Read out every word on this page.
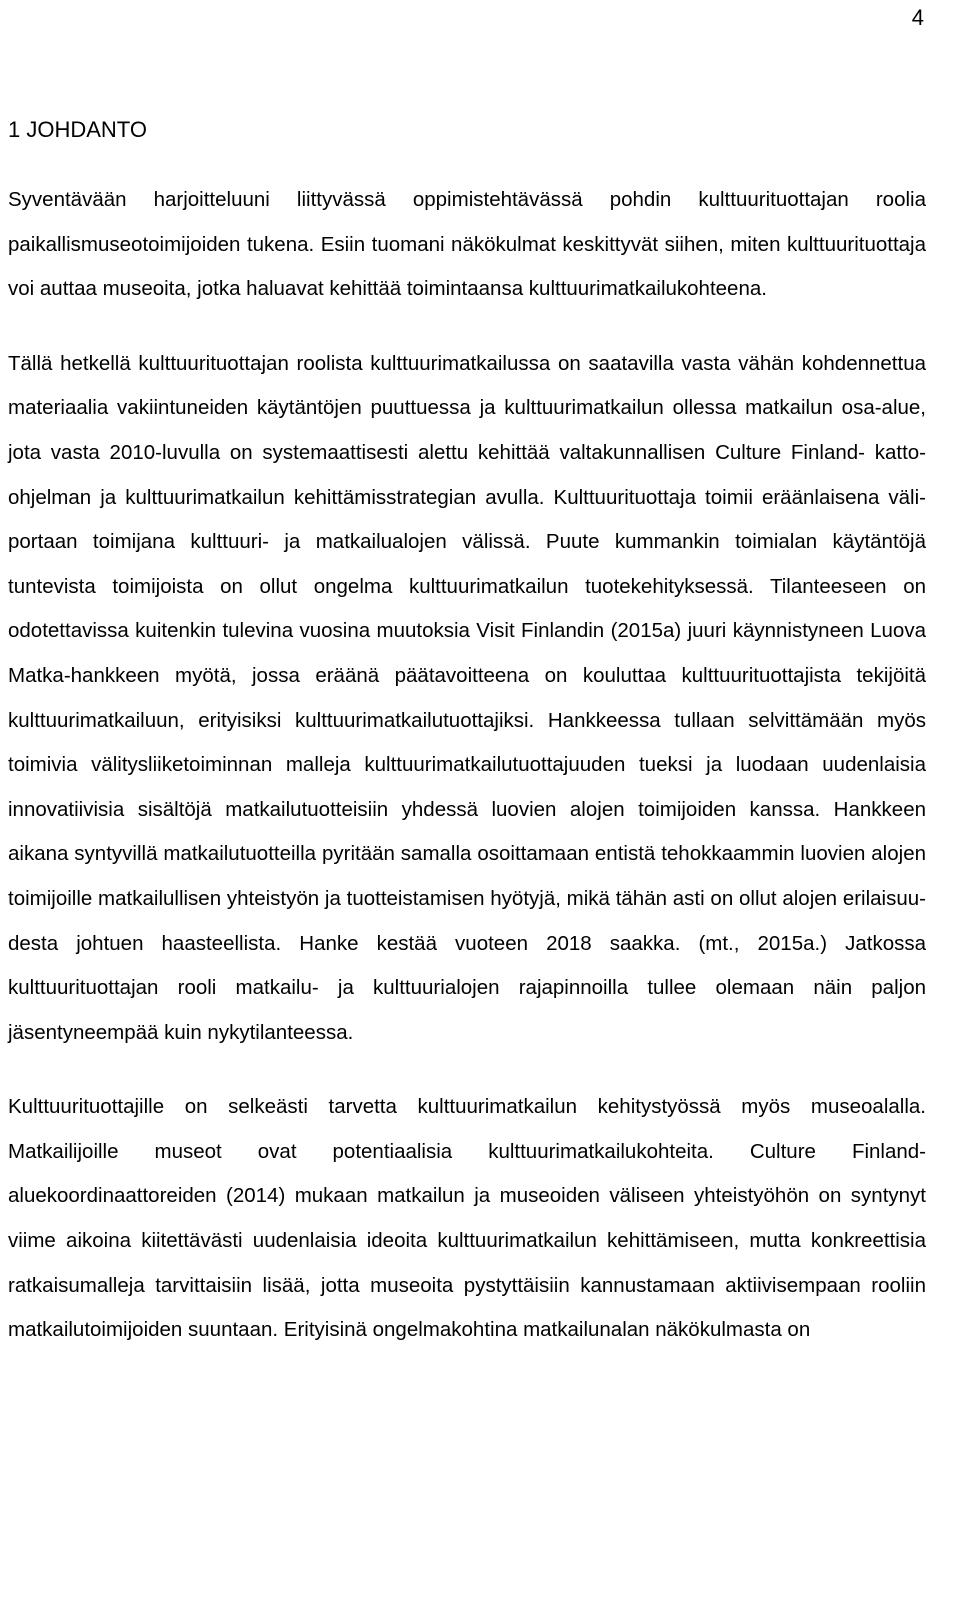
4
1 JOHDANTO

Syventävään harjoitteluuni liittyvässä oppimistehtävässä pohdin kulttuurituottajan roolia paikallismuseotoimijoiden tukena. Esiin tuomani näkökulmat keskittyvät siihen, miten kulttuurituottaja voi auttaa museoita, jotka haluavat kehittää toimintaansa kulttuurimatkailukohteena.

Tällä hetkellä kulttuurituottajan roolista kulttuurimatkailussa on saatavilla vasta vähän kohdennettua materiaalia vakiintuneiden käytäntöjen puuttuessa ja kulttuurimatkailun ollessa matkailun osa-alue, jota vasta 2010-luvulla on systemaattisesti alettu kehittää valtakunnallisen Culture Finland- katto-ohjelman ja kulttuurimatkailun kehittämisstrategian avulla. Kulttuurituottaja toimii eräänlaisena väliportaan toimijana kulttuuri- ja matkailualojen välissä. Puute kummankin toimialan käytäntöjä tuntevista toimijoista on ollut ongelma kulttuurimatkailun tuotekehityksessä. Tilanteeseen on odotettavissa kuitenkin tulevina vuosina muutoksia Visit Finlandin (2015a) juuri käynnistyneen Luova Matka-hankkeen myötä, jossa eräänä päätavoitteena on kouluttaa kulttuurituottajista tekijöitä kulttuurimatkailuun, erityisiksi kulttuurimatkailutuottajiksi. Hankkeessa tullaan selvittämään myös toimivia välitysliiketoiminnan malleja kulttuurimatkailutuottajuuden tueksi ja luodaan uudenlaisia innovatiivisia sisältöjä matkailutuotteisiin yhdessä luovien alojen toimijoiden kanssa. Hankkeen aikana syntyvillä matkailutuotteilla pyritään samalla osoittamaan entistä tehokkaammin luovien alojen toimijoille matkailullisen yhteistyön ja tuotteistamisen hyötyjä, mikä tähän asti on ollut alojen erilaisuudesta johtuen haasteellista. Hanke kestää vuoteen 2018 saakka. (mt., 2015a.) Jatkossa kulttuurituottajan rooli matkailu- ja kulttuurialojen rajapinnoilla tullee olemaan näin paljon jäsentyneempää kuin nykytilanteessa.

Kulttuurituottajille on selkeästi tarvetta kulttuurimatkailun kehitystyössä myös museoalalla. Matkailijoille museot ovat potentiaalisia kulttuurimatkailukohteita. Culture Finland-aluekoordinaattoreiden (2014) mukaan matkailun ja museoiden väliseen yhteistyöhön on syntynyt viime aikoina kiitettävästi uudenlaisia ideoita kulttuurimatkailun kehittämiseen, mutta konkreettisia ratkaisumalleja tarvittaisiin lisää, jotta museoita pystyttäisiin kannustamaan aktiivisempaan rooliin matkailutoimijoiden suuntaan. Erityisinä ongelmakohtina matkailunalan näkökulmasta on
